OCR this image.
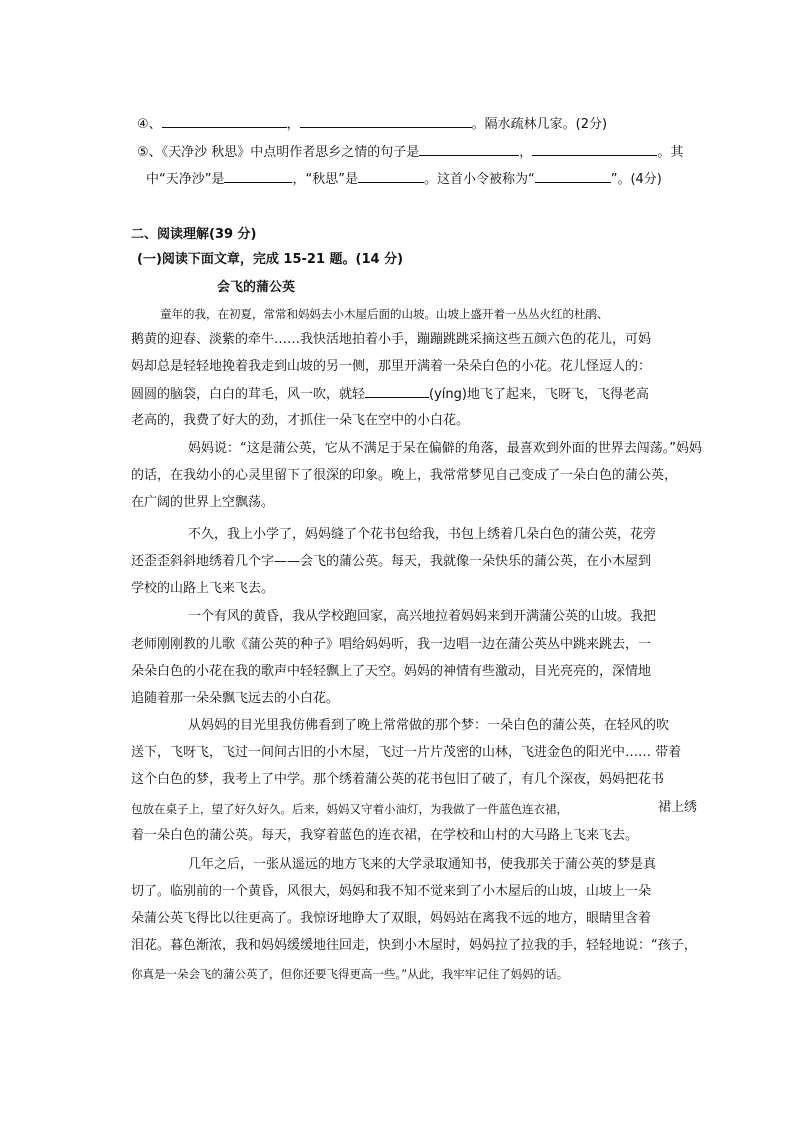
④、	，	。隔水疏林几家。(2分)
⑤、《天净沙 秋思》中点明作者思乡之情的句子是	，	。其
中“天净沙”是	，“秋思”是	。这首小令被称为“	”。(4分)
二、阅读理解(39 分)
(一)阅读下面文章，完成 15-21 题。(14 分)
会飞的蒲公英
童年的我，在初夏，常常和妈妈去小木屋后面的山坡。山坡上盛开着一丛丛火红的杜鹃、
鹅黄的迎春、淡紫的牵牛……我快活地拍着小手，蹦蹦跳跳采摘这些五颜六色的花儿，可妈
妈却总是轻轻地挽着我走到山坡的另一侧，那里开满着一朵朵白色的小花。花儿怪逗人的：
圆圆的脑袋，白白的茸毛，风一吹，就轻	(yíng)地飞了起来，飞呀飞，飞得老高
老高的，我费了好大的劲，才抓住一朵飞在空中的小白花。
妈妈说：“这是蒲公英，它从不满足于呆在偏僻的角落，最喜欢到外面的世界去闯荡。”妈妈
的话，在我幼小的心灵里留下了很深的印象。晚上，我常常梦见自己变成了一朵白色的蒲公英，
在广阔的世界上空飘荡。
不久，我上小学了，妈妈缝了个花书包给我，书包上绣着几朵白色的蒲公英，花旁
还歪歪斜斜地绣着几个字——会飞的蒲公英。每天，我就像一朵快乐的蒲公英，在小木屋到
学校的山路上飞来飞去。
一个有风的黄昏，我从学校跑回家，高兴地拉着妈妈来到开满蒲公英的山坡。我把
老师刚刚教的儿歌《蒲公英的种子》唱给妈妈听，我一边唱一边在蒲公英丛中跳来跳去，一
朵朵白色的小花在我的歌声中轻轻飘上了天空。妈妈的神情有些激动，目光亮亮的，深情地
追随着那一朵朵飘飞远去的小白花。
从妈妈的目光里我仿佛看到了晚上常常做的那个梦：一朵白色的蒲公英，在轻风的吹
送下，飞呀飞，飞过一间间古旧的小木屋，飞过一片片茂密的山林，飞进金色的阳光中…… 带着
这个白色的梦，我考上了中学。那个绣着蒲公英的花书包旧了破了，有几个深夜，妈妈把花书
包放在桌子上，望了好久好久。后来，妈妈又守着小油灯，为我做了一件蓝色连衣裙，	裙上绣
着一朵白色的蒲公英。每天，我穿着蓝色的连衣裙，在学校和山村的大马路上飞来飞去。
几年之后，一张从遥远的地方飞来的大学录取通知书，使我那关于蒲公英的梦是真
切了。临别前的一个黄昏，风很大，妈妈和我不知不觉来到了小木屋后的山坡，山坡上一朵
朵蒲公英飞得比以往更高了。我惊讶地睁大了双眼，妈妈站在离我不远的地方，眼睛里含着
泪花。暮色渐浓，我和妈妈缓缓地往回走，快到小木屋时，妈妈拉了拉我的手，轻轻地说：“孩子，
你真是一朵会飞的蒲公英了，但你还要飞得更高一些。”从此，我牢牢记住了妈妈的话。
